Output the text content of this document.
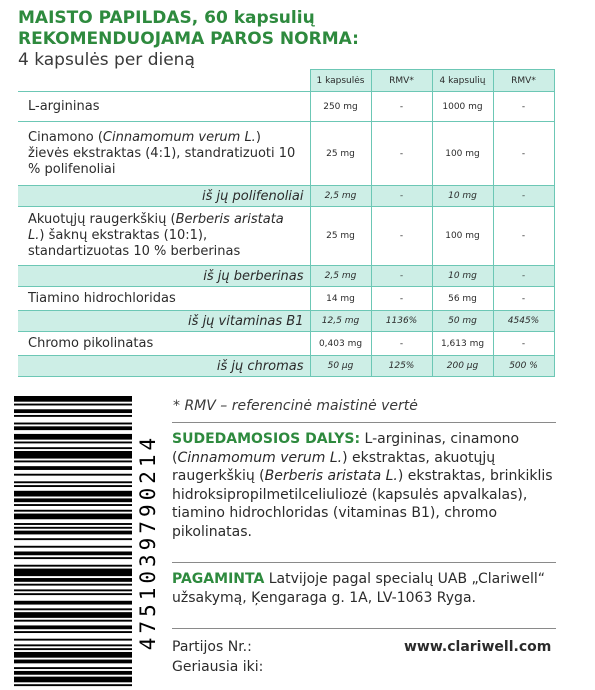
MAISTO PAPILDAS, 60 kapsulių
REKOMENDUOJAMA PAROS NORMA:
4 kapsulės per dieną
	1 kapsulės	RMV*	4 kapsulių	RMV*
L-argininas	250 mg	-	1000 mg	-
Cinamono (Cinnamomum verum L.) žievės ekstraktas (4:1), standratizuoti 10 % polifenoliai	25 mg	-	100 mg	-
iš jų polifenoliai	2,5 mg	-	10 mg	-
Akuotųjų raugerkškių (Berberis aristata L.) šaknų ekstraktas (10:1), standartizuotas 10 % berberinas	25 mg	-	100 mg	-
iš jų berberinas	2,5 mg	-	10 mg	-
Tiamino hidrochloridas	14 mg	-	56 mg	-
iš jų vitaminas B1	12,5 mg	1136%	50 mg	4545%
Chromo pikolinatas	0,403 mg	-	1,613 mg	-
iš jų chromas	50 µg	125%	200 µg	500 %
4751039790214
* RMV – referencinė maistinė vertė
SUDEDAMOSIOS DALYS: L-argininas, cinamono (Cinnamomum verum L.) ekstraktas, akuotųjų raugerkškių (Berberis aristata L.) ekstraktas, brinkiklis hidroksipropilmetilceliuliozė (kapsulės apvalkalas), tiamino hidrochloridas (vitaminas B1), chromo pikolinatas.
PAGAMINTA Latvijoje pagal specialų UAB „Clariwell“ užsakymą, Ķengaraga g. 1A, LV-1063 Ryga.
Partijos Nr.:
Geriausia iki:
www.clariwell.com
